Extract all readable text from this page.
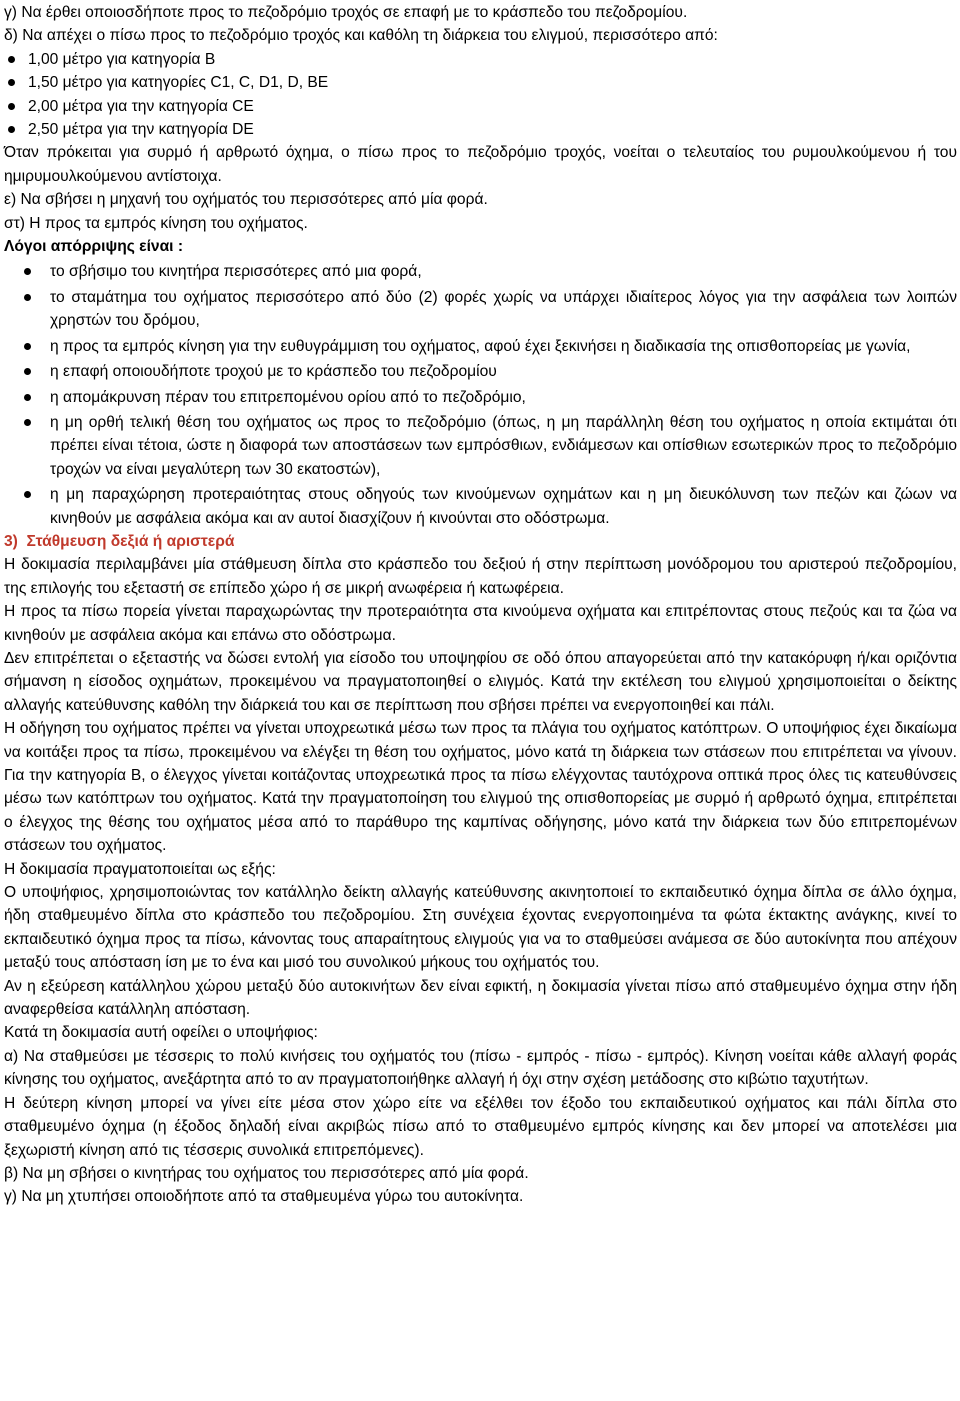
γ) Να έρθει οποιοσδήποτε προς το πεζοδρόμιο τροχός σε επαφή με το κράσπεδο του πεζοδρομίου.

δ) Να απέχει ο πίσω προς το πεζοδρόμιο τροχός και καθόλη τη διάρκεια του ελιγμού, περισσότερο από:

1,00 μέτρο για κατηγορία Β
1,50 μέτρο για κατηγορίες C1, C, D1, D, BE
2,00 μέτρα για την κατηγορία CE
2,50 μέτρα για την κατηγορία DE

Όταν πρόκειται για συρμό ή αρθρωτό όχημα, ο πίσω προς το πεζοδρόμιο τροχός, νοείται ο τελευταίος του ρυμουλκούμενου ή του ημιρυμουλκούμενου αντίστοιχα.

ε) Να σβήσει η μηχανή του οχήματός του περισσότερες από μία φορά.

στ) Η προς τα εμπρός κίνηση του οχήματος.

Λόγοι απόρριψης είναι :

το σβήσιμο του κινητήρα περισσότερες από μια φορά,
το σταμάτημα του οχήματος περισσότερο από δύο (2) φορές χωρίς να υπάρχει ιδιαίτερος λόγος για την ασφάλεια των λοιπών χρηστών του δρόμου,
η προς τα εμπρός κίνηση για την ευθυγράμμιση του οχήματος, αφού έχει ξεκινήσει η διαδικασία της οπισθοπορείας με γωνία,
η επαφή οποιουδήποτε τροχού με το κράσπεδο του πεζοδρομίου
η απομάκρυνση πέραν του επιτρεπομένου ορίου από το πεζοδρόμιο,
η μη ορθή τελική θέση του οχήματος ως προς το πεζοδρόμιο (όπως, η μη παράλληλη θέση του οχήματος η οποία εκτιμάται ότι πρέπει είναι τέτοια, ώστε η διαφορά των αποστάσεων των εμπρόσθιων, ενδιάμεσων και οπίσθιων εσωτερικών προς το πεζοδρόμιο τροχών να είναι μεγαλύτερη των 30 εκατοστών),
η μη παραχώρηση προτεραιότητας στους οδηγούς των κινούμενων οχημάτων και η μη διευκόλυνση των πεζών και ζώων να κινηθούν με ασφάλεια ακόμα και αν αυτοί διασχίζουν ή κινούνται στο οδόστρωμα.

3)  Στάθμευση δεξιά ή αριστερά

Η δοκιμασία περιλαμβάνει μία στάθμευση δίπλα στο κράσπεδο του δεξιού ή στην περίπτωση μονόδρομου του αριστερού πεζοδρομίου, της επιλογής του εξεταστή σε επίπεδο χώρο ή σε μικρή ανωφέρεια ή κατωφέρεια.

Η προς τα πίσω πορεία γίνεται παραχωρώντας την προτεραιότητα στα κινούμενα οχήματα και επιτρέποντας στους πεζούς και τα ζώα να κινηθούν με ασφάλεια ακόμα και επάνω στο οδόστρωμα.

Δεν επιτρέπεται ο εξεταστής να δώσει εντολή για είσοδο του υποψηφίου σε οδό όπου απαγορεύεται από την κατακόρυφη ή/και οριζόντια σήμανση η είσοδος οχημάτων, προκειμένου να πραγματοποιηθεί ο ελιγμός. Κατά την εκτέλεση του ελιγμού χρησιμοποιείται ο δείκτης αλλαγής κατεύθυνσης καθόλη την διάρκειά του και σε περίπτωση που σβήσει πρέπει να ενεργοποιηθεί και πάλι.

Η οδήγηση του οχήματος πρέπει να γίνεται υποχρεωτικά μέσω των προς τα πλάγια του οχήματος κατόπτρων. Ο υποψήφιος έχει δικαίωμα να κοιτάξει προς τα πίσω, προκειμένου να ελέγξει τη θέση του οχήματος, μόνο κατά τη διάρκεια των στάσεων που επιτρέπεται να γίνουν. Για την κατηγορία Β, ο έλεγχος γίνεται κοιτάζοντας υποχρεωτικά προς τα πίσω ελέγχοντας ταυτόχρονα οπτικά προς όλες τις κατευθύνσεις μέσω των κατόπτρων του οχήματος. Κατά την πραγματοποίηση του ελιγμού της οπισθοπορείας με συρμό ή αρθρωτό όχημα, επιτρέπεται ο έλεγχος της θέσης του οχήματος μέσα από το παράθυρο της καμπίνας οδήγησης, μόνο κατά την διάρκεια των δύο επιτρεπομένων στάσεων του οχήματος.

Η δοκιμασία πραγματοποιείται ως εξής:

Ο υποψήφιος, χρησιμοποιώντας τον κατάλληλο δείκτη αλλαγής κατεύθυνσης ακινητοποιεί το εκπαιδευτικό όχημα δίπλα σε άλλο όχημα, ήδη σταθμευμένο δίπλα στο κράσπεδο του πεζοδρομίου. Στη συνέχεια έχοντας ενεργοποιημένα τα φώτα έκτακτης ανάγκης, κινεί το εκπαιδευτικό όχημα προς τα πίσω, κάνοντας τους απαραίτητους ελιγμούς για να το σταθμεύσει ανάμεσα σε δύο αυτοκίνητα που απέχουν μεταξύ τους απόσταση ίση με το ένα και μισό του συνολικού μήκους του οχήματός του.

Αν η εξεύρεση κατάλληλου χώρου μεταξύ δύο αυτοκινήτων δεν είναι εφικτή, η δοκιμασία γίνεται πίσω από σταθμευμένο όχημα στην ήδη αναφερθείσα κατάλληλη απόσταση.

Κατά τη δοκιμασία αυτή οφείλει ο υποψήφιος:

α) Να σταθμεύσει με τέσσερις το πολύ κινήσεις του οχήματός του (πίσω - εμπρός - πίσω - εμπρός). Κίνηση νοείται κάθε αλλαγή φοράς κίνησης του οχήματος, ανεξάρτητα από το αν πραγματοποιήθηκε αλλαγή ή όχι στην σχέση μετάδοσης στο κιβώτιο ταχυτήτων.

Η δεύτερη κίνηση μπορεί να γίνει είτε μέσα στον χώρο είτε να εξέλθει τον έξοδο του εκπαιδευτικού οχήματος και πάλι δίπλα στο σταθμευμένο όχημα (η έξοδος δηλαδή είναι ακριβώς πίσω από το σταθμευμένο εμπρός κίνησης και δεν μπορεί να αποτελέσει μια ξεχωριστή κίνηση από τις τέσσερις συνολικά επιτρεπόμενες).

β) Να μη σβήσει ο κινητήρας του οχήματος του περισσότερες από μία φορά.

γ) Να μη χτυπήσει οποιοδήποτε από τα σταθμευμένα γύρω του αυτοκίνητα.
